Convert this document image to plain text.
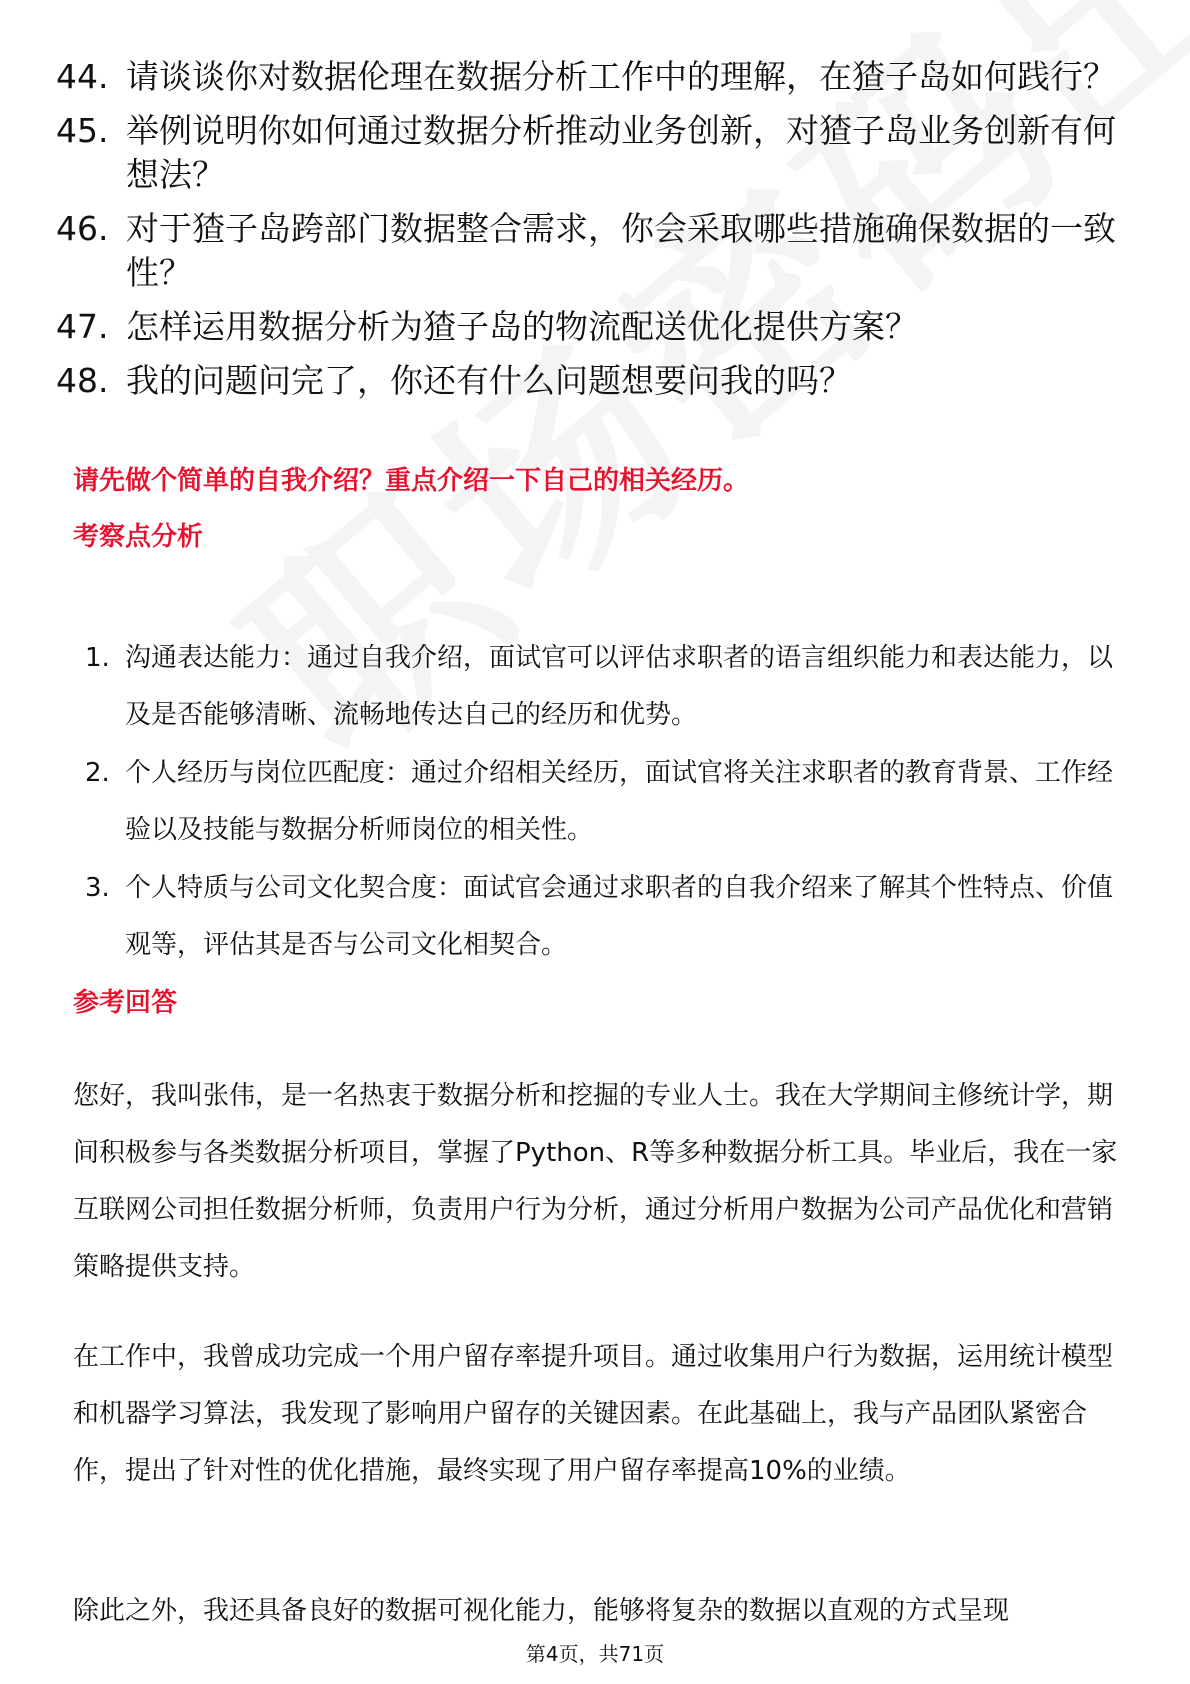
44. 请谈谈你对数据伦理在数据分析工作中的理解，在猹子岛如何践行？
45. 举例说明你如何通过数据分析推动业务创新，对猹子岛业务创新有何想法？
46. 对于猹子岛跨部门数据整合需求，你会采取哪些措施确保数据的一致性？
47. 怎样运用数据分析为猹子岛的物流配送优化提供方案？
48. 我的问题问完了，你还有什么问题想要问我的吗？
请先做个简单的自我介绍？重点介绍一下自己的相关经历。
考察点分析
1. 沟通表达能力：通过自我介绍，面试官可以评估求职者的语言组织能力和表达能力，以及是否能够清晰、流畅地传达自己的经历和优势。
2. 个人经历与岗位匹配度：通过介绍相关经历，面试官将关注求职者的教育背景、工作经验以及技能与数据分析师岗位的相关性。
3. 个人特质与公司文化契合度：面试官会通过求职者的自我介绍来了解其个性特点、价值观等，评估其是否与公司文化相契合。
参考回答
您好，我叫张伟，是一名热衷于数据分析和挖掘的专业人士。我在大学期间主修统计学，期间积极参与各类数据分析项目，掌握了Python、R等多种数据分析工具。毕业后，我在一家互联网公司担任数据分析师，负责用户行为分析，通过分析用户数据为公司产品优化和营销策略提供支持。
在工作中，我曾成功完成一个用户留存率提升项目。通过收集用户行为数据，运用统计模型和机器学习算法，我发现了影响用户留存的关键因素。在此基础上，我与产品团队紧密合作，提出了针对性的优化措施，最终实现了用户留存率提高10%的业绩。
除此之外，我还具备良好的数据可视化能力，能够将复杂的数据以直观的方式呈现
第4页，共71页
